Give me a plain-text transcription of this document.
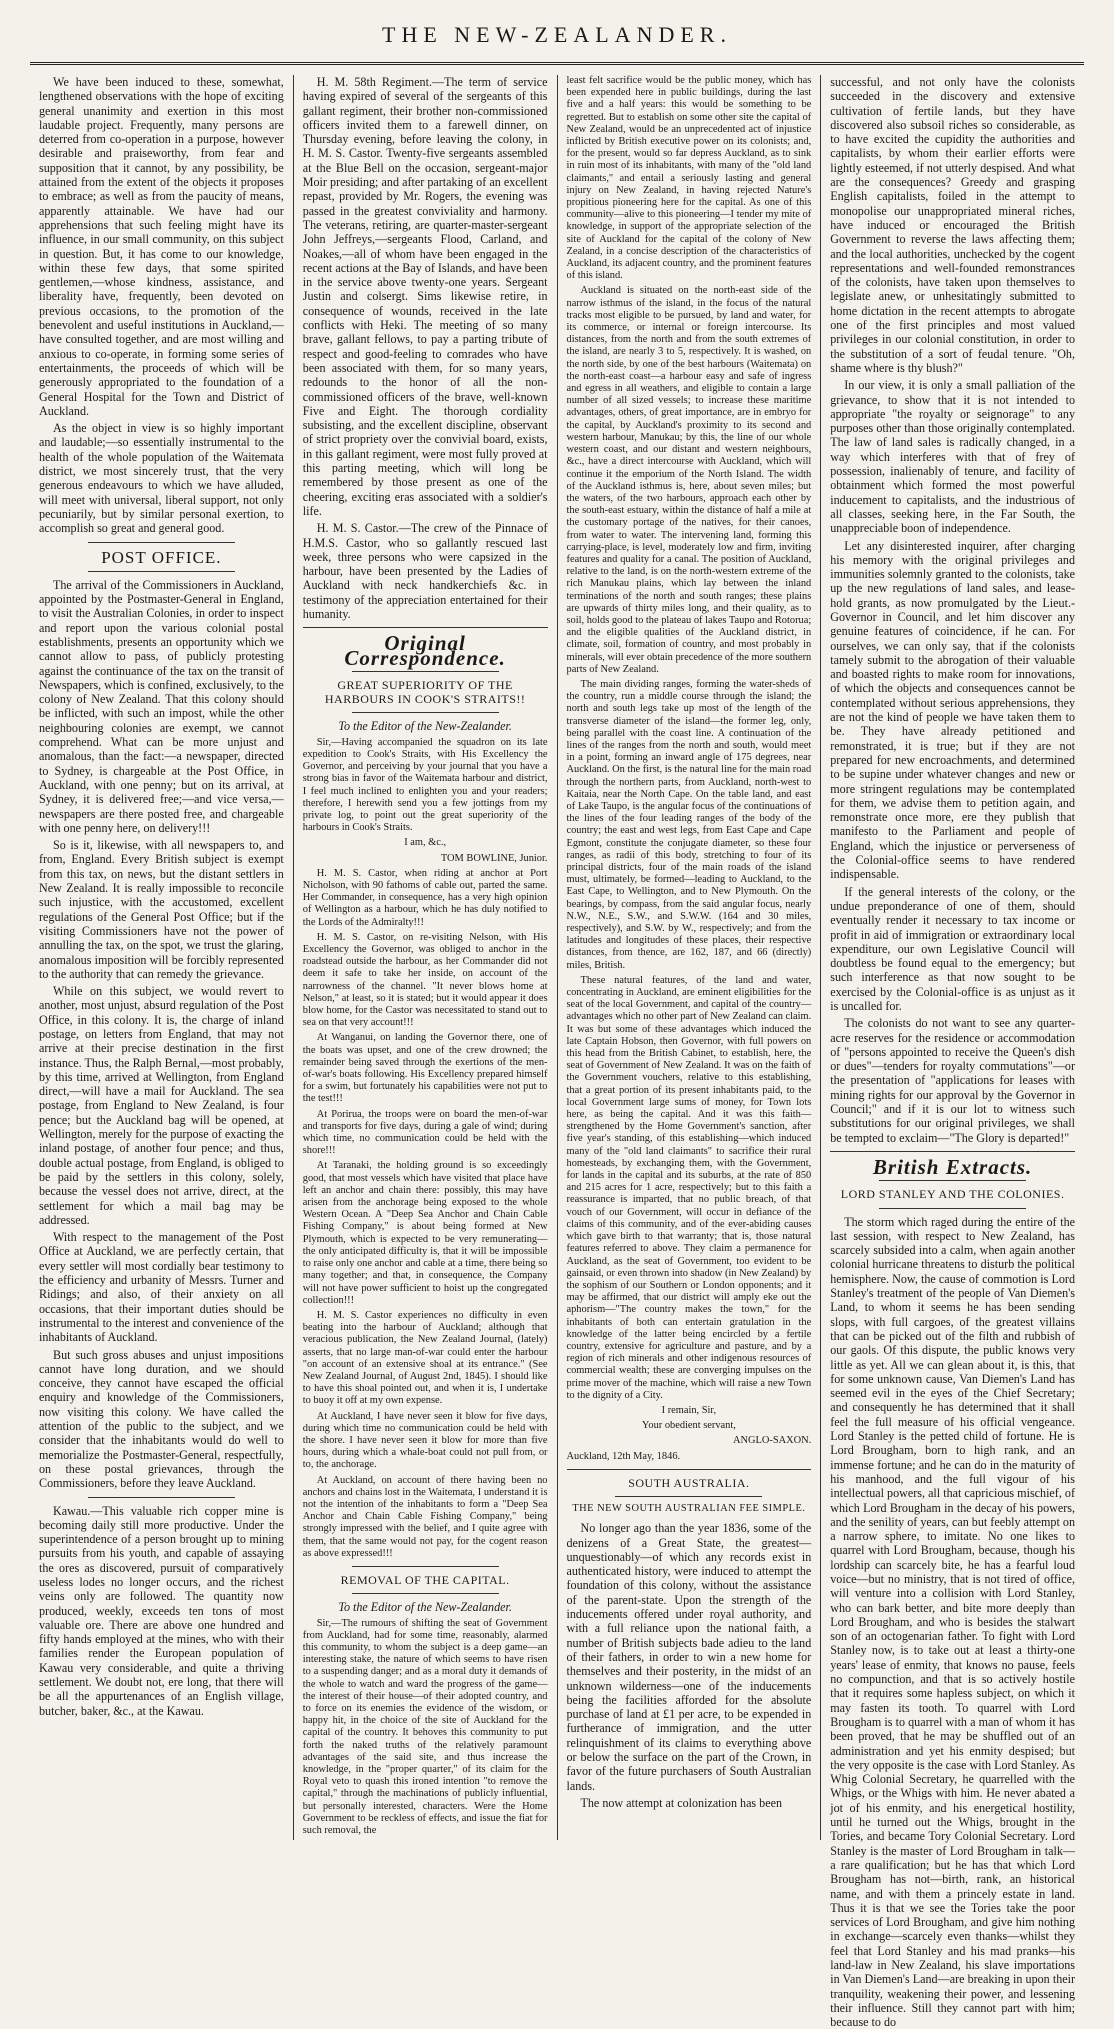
THE NEW-ZEALANDER.

We have been induced to these, somewhat, lengthened observations with the hope of exciting general unanimity and exertion in this most laudable project. Frequently, many persons are deterred from co-operation in a purpose, however desirable and praiseworthy, from fear and supposition that it cannot, by any possibility, be attained from the extent of the objects it proposes to embrace; as well as from the paucity of means, apparently attainable. We have had our apprehensions that such feeling might have its influence, in our small community, on this subject in question. But, it has come to our knowledge, within these few days, that some spirited gentlemen,—whose kindness, assistance, and liberality have, frequently, been devoted on previous occasions, to the promotion of the benevolent and useful institutions in Auckland,—have consulted together, and are most willing and anxious to co-operate, in forming some series of entertainments, the proceeds of which will be generously appropriated to the foundation of a General Hospital for the Town and District of Auckland.

As the object in view is so highly important and laudable;—so essentially instrumental to the health of the whole population of the Waitemata district, we most sincerely trust, that the very generous endeavours to which we have alluded, will meet with universal, liberal support, not only pecuniarily, but by similar personal exertion, to accomplish so great and general good.

POST OFFICE.

The arrival of the Commissioners in Auckland, appointed by the Postmaster-General in England, to visit the Australian Colonies, in order to inspect and report upon the various colonial postal establishments, presents an opportunity which we cannot allow to pass, of publicly protesting against the continuance of the tax on the transit of Newspapers, which is confined, exclusively, to the colony of New Zealand. That this colony should be inflicted, with such an impost, while the other neighbouring colonies are exempt, we cannot comprehend. What can be more unjust and anomalous, than the fact:—a newspaper, directed to Sydney, is chargeable at the Post Office, in Auckland, with one penny; but on its arrival, at Sydney, it is delivered free;—and vice versa,—newspapers are there posted free, and chargeable with one penny here, on delivery!!!

So is it, likewise, with all newspapers to, and from, England. Every British subject is exempt from this tax, on news, but the distant settlers in New Zealand. It is really impossible to reconcile such injustice, with the accustomed, excellent regulations of the General Post Office; but if the visiting Commissioners have not the power of annulling the tax, on the spot, we trust the glaring, anomalous imposition will be forcibly represented to the authority that can remedy the grievance.

While on this subject, we would revert to another, most unjust, absurd regulation of the Post Office, in this colony. It is, the charge of inland postage, on letters from England, that may not arrive at their precise destination in the first instance. Thus, the Ralph Bernal,—most probably, by this time, arrived at Wellington, from England direct,—will have a mail for Auckland. The sea postage, from England to New Zealand, is four pence; but the Auckland bag will be opened, at Wellington, merely for the purpose of exacting the inland postage, of another four pence; and thus, double actual postage, from England, is obliged to be paid by the settlers in this colony, solely, because the vessel does not arrive, direct, at the settlement for which a mail bag may be addressed.

With respect to the management of the Post Office at Auckland, we are perfectly certain, that every settler will most cordially bear testimony to the efficiency and urbanity of Messrs. Turner and Ridings; and also, of their anxiety on all occasions, that their important duties should be instrumental to the interest and convenience of the inhabitants of Auckland.

But such gross abuses and unjust impositions cannot have long duration, and we should conceive, they cannot have escaped the official enquiry and knowledge of the Commissioners, now visiting this colony. We have called the attention of the public to the subject, and we consider that the inhabitants would do well to memorialize the Postmaster-General, respectfully, on these postal grievances, through the Commissioners, before they leave Auckland.

Kawau.—This valuable rich copper mine is becoming daily still more productive. Under the superintendence of a person brought up to mining pursuits from his youth, and capable of assaying the ores as discovered, pursuit of comparatively useless lodes no longer occurs, and the richest veins only are followed. The quantity now produced, weekly, exceeds ten tons of most valuable ore. There are above one hundred and fifty hands employed at the mines, who with their families render the European population of Kawau very considerable, and quite a thriving settlement. We doubt not, ere long, that there will be all the appurtenances of an English village, butcher, baker, &c., at the Kawau.

H. M. 58th Regiment.—The term of service having expired of several of the sergeants of this gallant regiment, their brother non-commissioned officers invited them to a farewell dinner, on Thursday evening, before leaving the colony, in H. M. S. Castor. Twenty-five sergeants assembled at the Blue Bell on the occasion, sergeant-major Moir presiding; and after partaking of an excellent repast, provided by Mr. Rogers, the evening was passed in the greatest conviviality and harmony. The veterans, retiring, are quarter-master-sergeant John Jeffreys,—sergeants Flood, Carland, and Noakes,—all of whom have been engaged in the recent actions at the Bay of Islands, and have been in the service above twenty-one years. Sergeant Justin and colsergt. Sims likewise retire, in consequence of wounds, received in the late conflicts with Heki. The meeting of so many brave, gallant fellows, to pay a parting tribute of respect and good-feeling to comrades who have been associated with them, for so many years, redounds to the honor of all the non-commissioned officers of the brave, well-known Five and Eight. The thorough cordiality subsisting, and the excellent discipline, observant of strict propriety over the convivial board, exists, in this gallant regiment, were most fully proved at this parting meeting, which will long be remembered by those present as one of the cheering, exciting eras associated with a soldier's life.

H. M. S. Castor.—The crew of the Pinnace of H.M.S. Castor, who so gallantly rescued last week, three persons who were capsized in the harbour, have been presented by the Ladies of Auckland with neck handkerchiefs &c. in testimony of the appreciation entertained for their humanity.

Original Correspondence.
GREAT SUPERIORITY OF THE HARBOURS IN COOK'S STRAITS!!

To the Editor of the New-Zealander.

Sir,—Having accompanied the squadron on its late expedition to Cook's Straits, with His Excellency the Governor, and perceiving by your journal that you have a strong bias in favor of the Waitemata harbour and district, I feel much inclined to enlighten you and your readers; therefore, I herewith send you a few jottings from my private log, to point out the great superiority of the harbours in Cook's Straits.

I am, &c.,

TOM BOWLINE, Junior.

H. M. S. Castor, when riding at anchor at Port Nicholson, with 90 fathoms of cable out, parted the same. Her Commander, in consequence, has a very high opinion of Wellington as a harbour, which he has duly notified to the Lords of the Admiralty!!!

H. M. S. Castor, on re-visiting Nelson, with His Excellency the Governor, was obliged to anchor in the roadstead outside the harbour, as her Commander did not deem it safe to take her inside, on account of the narrowness of the channel. "It never blows home at Nelson," at least, so it is stated; but it would appear it does blow home, for the Castor was necessitated to stand out to sea on that very account!!!

At Wanganui, on landing the Governor there, one of the boats was upset, and one of the crew drowned; the remainder being saved through the exertions of the men-of-war's boats following. His Excellency prepared himself for a swim, but fortunately his capabilities were not put to the test!!!

At Porirua, the troops were on board the men-of-war and transports for five days, during a gale of wind; during which time, no communication could be held with the shore!!!

At Taranaki, the holding ground is so exceedingly good, that most vessels which have visited that place have left an anchor and chain there: possibly, this may have arisen from the anchorage being exposed to the whole Western Ocean. A "Deep Sea Anchor and Chain Cable Fishing Company," is about being formed at New Plymouth, which is expected to be very remunerating—the only anticipated difficulty is, that it will be impossible to raise only one anchor and cable at a time, there being so many together; and that, in consequence, the Company will not have power sufficient to hoist up the congregated collection!!!

H. M. S. Castor experiences no difficulty in even beating into the harbour of Auckland; although that veracious publication, the New Zealand Journal, (lately) asserts, that no large man-of-war could enter the harbour "on account of an extensive shoal at its entrance." (See New Zealand Journal, of August 2nd, 1845). I should like to have this shoal pointed out, and when it is, I undertake to buoy it off at my own expense.

At Auckland, I have never seen it blow for five days, during which time no communication could be held with the shore. I have never seen it blow for more than five hours, during which a whale-boat could not pull from, or to, the anchorage.

At Auckland, on account of there having been no anchors and chains lost in the Waitemata, I understand it is not the intention of the inhabitants to form a "Deep Sea Anchor and Chain Cable Fishing Company," being strongly impressed with the belief, and I quite agree with them, that the same would not pay, for the cogent reason as above expressed!!!

REMOVAL OF THE CAPITAL.

To the Editor of the New-Zealander.

Sir,—The rumours of shifting the seat of Government from Auckland, had for some time, reasonably, alarmed this community, to whom the subject is a deep game—an interesting stake, the nature of which seems to have risen to a suspending danger; and as a moral duty it demands of the whole to watch and ward the progress of the game—the interest of their house—of their adopted country, and to force on its enemies the evidence of the wisdom, or happy hit, in the choice of the site of Auckland for the capital of the country. It behoves this community to put forth the naked truths of the relatively paramount advantages of the said site, and thus increase the knowledge, in the "proper quarter," of its claim for the Royal veto to quash this ironed intention "to remove the capital," through the machinations of publicly influential, but personally interested, characters. Were the Home Government to be reckless of effects, and issue the fiat for such removal, the

least felt sacrifice would be the public money, which has been expended here in public buildings, during the last five and a half years: this would be something to be regretted. But to establish on some other site the capital of New Zealand, would be an unprecedented act of injustice inflicted by British executive power on its colonists; and, for the present, would so far depress Auckland, as to sink in ruin most of its inhabitants, with many of the "old land claimants," and entail a seriously lasting and general injury on New Zealand, in having rejected Nature's propitious pioneering here for the capital. As one of this community—alive to this pioneering—I tender my mite of knowledge, in support of the appropriate selection of the site of Auckland for the capital of the colony of New Zealand, in a concise description of the characteristics of Auckland, its adjacent country, and the prominent features of this island.

Auckland is situated on the north-east side of the narrow isthmus of the island, in the focus of the natural tracks most eligible to be pursued, by land and water, for its commerce, or internal or foreign intercourse. Its distances, from the north and from the south extremes of the island, are nearly 3 to 5, respectively. It is washed, on the north side, by one of the best harbours (Waitemata) on the north-east coast—a harbour easy and safe of ingress and egress in all weathers, and eligible to contain a large number of all sized vessels; to increase these maritime advantages, others, of great importance, are in embryo for the capital, by Auckland's proximity to its second and western harbour, Manukau; by this, the line of our whole western coast, and our distant and western neighbours, &c., have a direct intercourse with Auckland, which will continue it the emporium of the North Island. The width of the Auckland isthmus is, here, about seven miles; but the waters, of the two harbours, approach each other by the south-east estuary, within the distance of half a mile at the customary portage of the natives, for their canoes, from water to water. The intervening land, forming this carrying-place, is level, moderately low and firm, inviting features and quality for a canal. The position of Auckland, relative to the land, is on the north-western extreme of the rich Manukau plains, which lay between the inland terminations of the north and south ranges; these plains are upwards of thirty miles long, and their quality, as to soil, holds good to the plateau of lakes Taupo and Rotorua; and the eligible qualities of the Auckland district, in climate, soil, formation of country, and most probably in minerals, will ever obtain precedence of the more southern parts of New Zealand.

The main dividing ranges, forming the water-sheds of the country, run a middle course through the island; the north and south legs take up most of the length of the transverse diameter of the island—the former leg, only, being parallel with the coast line. A continuation of the lines of the ranges from the north and south, would meet in a point, forming an inward angle of 175 degrees, near Auckland. On the first, is the natural line for the main road through the northern parts, from Auckland, north-west to Kaitaia, near the North Cape. On the table land, and east of Lake Taupo, is the angular focus of the continuations of the lines of the four leading ranges of the body of the country; the east and west legs, from East Cape and Cape Egmont, constitute the conjugate diameter, so these four ranges, as radii of this body, stretching to four of its principal districts, four of the main roads of the island must, ultimately, be formed—leading to Auckland, to the East Cape, to Wellington, and to New Plymouth. On the bearings, by compass, from the said angular focus, nearly N.W., N.E., S.W., and S.W.W. (164 and 30 miles, respectively), and S.W. by W., respectively; and from the latitudes and longitudes of these places, their respective distances, from thence, are 162, 187, and 66 (directly) miles, British.

These natural features, of the land and water, concentrating in Auckland, are eminent eligibilities for the seat of the local Government, and capital of the country—advantages which no other part of New Zealand can claim. It was but some of these advantages which induced the late Captain Hobson, then Governor, with full powers on this head from the British Cabinet, to establish, here, the seat of Government of New Zealand. It was on the faith of the Government vouchers, relative to this establishing, that a great portion of its present inhabitants paid, to the local Government large sums of money, for Town lots here, as being the capital. And it was this faith—strengthened by the Home Government's sanction, after five year's standing, of this establishing—which induced many of the "old land claimants" to sacrifice their rural homesteads, by exchanging them, with the Government, for lands in the capital and its suburbs, at the rate of 850 and 215 acres for 1 acre, respectively; but to this faith a reassurance is imparted, that no public breach, of that vouch of our Government, will occur in defiance of the claims of this community, and of the ever-abiding causes which gave birth to that warranty; that is, those natural features referred to above. They claim a permanence for Auckland, as the seat of Government, too evident to be gainsaid, or even thrown into shadow (in New Zealand) by the sophism of our Southern or London opponents; and it may be affirmed, that our district will amply eke out the aphorism—"The country makes the town," for the inhabitants of both can entertain gratulation in the knowledge of the latter being encircled by a fertile country, extensive for agriculture and pasture, and by a region of rich minerals and other indigenous resources of commercial wealth; these are converging impulses on the prime mover of the machine, which will raise a new Town to the dignity of a City.

I remain, Sir,

Your obedient servant,

ANGLO-SAXON.

Auckland, 12th May, 1846.

SOUTH AUSTRALIA.
THE NEW SOUTH AUSTRALIAN FEE SIMPLE.

No longer ago than the year 1836, some of the denizens of a Great State, the greatest—unquestionably—of which any records exist in authenticated history, were induced to attempt the foundation of this colony, without the assistance of the parent-state. Upon the strength of the inducements offered under royal authority, and with a full reliance upon the national faith, a number of British subjects bade adieu to the land of their fathers, in order to win a new home for themselves and their posterity, in the midst of an unknown wilderness—one of the inducements being the facilities afforded for the absolute purchase of land at £1 per acre, to be expended in furtherance of immigration, and the utter relinquishment of its claims to everything above or below the surface on the part of the Crown, in favor of the future purchasers of South Australian lands.

The now attempt at colonization has been

successful, and not only have the colonists succeeded in the discovery and extensive cultivation of fertile lands, but they have discovered also subsoil riches so considerable, as to have excited the cupidity the authorities and capitalists, by whom their earlier efforts were lightly esteemed, if not utterly despised. And what are the consequences? Greedy and grasping English capitalists, foiled in the attempt to monopolise our unappropriated mineral riches, have induced or encouraged the British Government to reverse the laws affecting them; and the local authorities, unchecked by the cogent representations and well-founded remonstrances of the colonists, have taken upon themselves to legislate anew, or unhesitatingly submitted to home dictation in the recent attempts to abrogate one of the first principles and most valued privileges in our colonial constitution, in order to the substitution of a sort of feudal tenure. "Oh, shame where is thy blush?"

In our view, it is only a small palliation of the grievance, to show that it is not intended to appropriate "the royalty or seignorage" to any purposes other than those originally contemplated. The law of land sales is radically changed, in a way which interferes with that of frey of possession, inalienably of tenure, and facility of obtainment which formed the most powerful inducement to capitalists, and the industrious of all classes, seeking here, in the Far South, the unappreciable boon of independence.

Let any disinterested inquirer, after charging his memory with the original privileges and immunities solemnly granted to the colonists, take up the new regulations of land sales, and lease-hold grants, as now promulgated by the Lieut.-Governor in Council, and let him discover any genuine features of coincidence, if he can. For ourselves, we can only say, that if the colonists tamely submit to the abrogation of their valuable and boasted rights to make room for innovations, of which the objects and consequences cannot be contemplated without serious apprehensions, they are not the kind of people we have taken them to be. They have already petitioned and remonstrated, it is true; but if they are not prepared for new encroachments, and determined to be supine under whatever changes and new or more stringent regulations may be contemplated for them, we advise them to petition again, and remonstrate once more, ere they publish that manifesto to the Parliament and people of England, which the injustice or perverseness of the Colonial-office seems to have rendered indispensable.

If the general interests of the colony, or the undue preponderance of one of them, should eventually render it necessary to tax income or profit in aid of immigration or extraordinary local expenditure, our own Legislative Council will doubtless be found equal to the emergency; but such interference as that now sought to be exercised by the Colonial-office is as unjust as it is uncalled for.

The colonists do not want to see any quarter-acre reserves for the residence or accommodation of "persons appointed to receive the Queen's dish or dues"—tenders for royalty commutations"—or the presentation of "applications for leases with mining rights for our approval by the Governor in Council;" and if it is our lot to witness such substitutions for our original privileges, we shall be tempted to exclaim—"The Glory is departed!"

British Extracts.
LORD STANLEY AND THE COLONIES.

The storm which raged during the entire of the last session, with respect to New Zealand, has scarcely subsided into a calm, when again another colonial hurricane threatens to disturb the political hemisphere. Now, the cause of commotion is Lord Stanley's treatment of the people of Van Diemen's Land, to whom it seems he has been sending slops, with full cargoes, of the greatest villains that can be picked out of the filth and rubbish of our gaols. Of this dispute, the public knows very little as yet. All we can glean about it, is this, that for some unknown cause, Van Diemen's Land has seemed evil in the eyes of the Chief Secretary; and consequently he has determined that it shall feel the full measure of his official vengeance. Lord Stanley is the petted child of fortune. He is Lord Brougham, born to high rank, and an immense fortune; and he can do in the maturity of his manhood, and the full vigour of his intellectual powers, all that capricious mischief, of which Lord Brougham in the decay of his powers, and the senility of years, can but feebly attempt on a narrow sphere, to imitate. No one likes to quarrel with Lord Brougham, because, though his lordship can scarcely bite, he has a fearful loud voice—but no ministry, that is not tired of office, will venture into a collision with Lord Stanley, who can bark better, and bite more deeply than Lord Brougham, and who is besides the stalwart son of an octogenarian father. To fight with Lord Stanley now, is to take out at least a thirty-one years' lease of enmity, that knows no pause, feels no compunction, and that is so actively hostile that it requires some hapless subject, on which it may fasten its tooth. To quarrel with Lord Brougham is to quarrel with a man of whom it has been proved, that he may be shuffled out of an administration and yet his enmity despised; but the very opposite is the case with Lord Stanley. As Whig Colonial Secretary, he quarrelled with the Whigs, or the Whigs with him. He never abated a jot of his enmity, and his energetical hostility, until he turned out the Whigs, brought in the Tories, and became Tory Colonial Secretary. Lord Stanley is the master of Lord Brougham in talk—a rare qualification; but he has that which Lord Brougham has not—birth, rank, an historical name, and with them a princely estate in land. Thus it is that we see the Tories take the poor services of Lord Brougham, and give him nothing in exchange—scarcely even thanks—whilst they feel that Lord Stanley and his mad pranks—his land-law in New Zealand, his slave importations in Van Diemen's Land—are breaking in upon their tranquility, weakening their power, and lessening their influence. Still they cannot part with him; because to do
